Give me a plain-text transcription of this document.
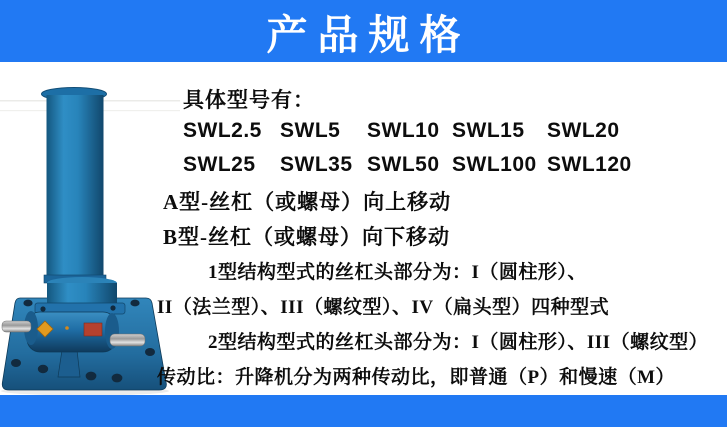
产品规格
具体型号有：
SWL2.5 SWL5 SWL10 SWL15 SWL20
SWL25 SWL35 SWL50 SWL100 SWL120
A型-丝杠（或螺母）向上移动
B型-丝杠（或螺母）向下移动
1型结构型式的丝杠头部分为：I（圆柱形）、
II（法兰型）、III（螺纹型）、IV（扁头型）四种型式
2型结构型式的丝杠头部分为：I（圆柱形）、III（螺纹型）
传动比：升降机分为两种传动比，即普通（P）和慢速（M）
